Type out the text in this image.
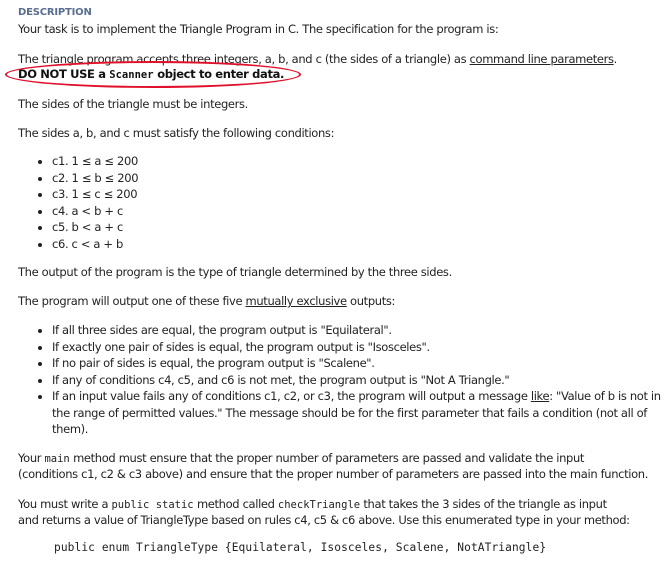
DESCRIPTION
Your task is to implement the Triangle Program in C. The specification for the program is:
The triangle program accepts three integers, a, b, and c (the sides of a triangle) as command line parameters.
DO NOT USE a Scanner object to enter data.
The sides of the triangle must be integers.
The sides a, b, and c must satisfy the following conditions:
• c1. 1 ≤ a ≤ 200
• c2. 1 ≤ b ≤ 200
• c3. 1 ≤ c ≤ 200
• c4. a < b + c
• c5. b < a + c
• c6. c < a + b
The output of the program is the type of triangle determined by the three sides.
The program will output one of these five mutually exclusive outputs:
• If all three sides are equal, the program output is "Equilateral".
• If exactly one pair of sides is equal, the program output is "Isosceles".
• If no pair of sides is equal, the program output is "Scalene".
• If any of conditions c4, c5, and c6 is not met, the program output is "Not A Triangle."
• If an input value fails any of conditions c1, c2, or c3, the program will output a message like: "Value of b is not in the range of permitted values." The message should be for the first parameter that fails a condition (not all of them).
Your main method must ensure that the proper number of parameters are passed and validate the input
(conditions c1, c2 & c3 above) and ensure that the proper number of parameters are passed into the main function.
You must write a public static method called checkTriangle that takes the 3 sides of the triangle as input
and returns a value of TriangleType based on rules c4, c5 & c6 above. Use this enumerated type in your method:
public enum TriangleType {Equilateral, Isosceles, Scalene, NotATriangle}
